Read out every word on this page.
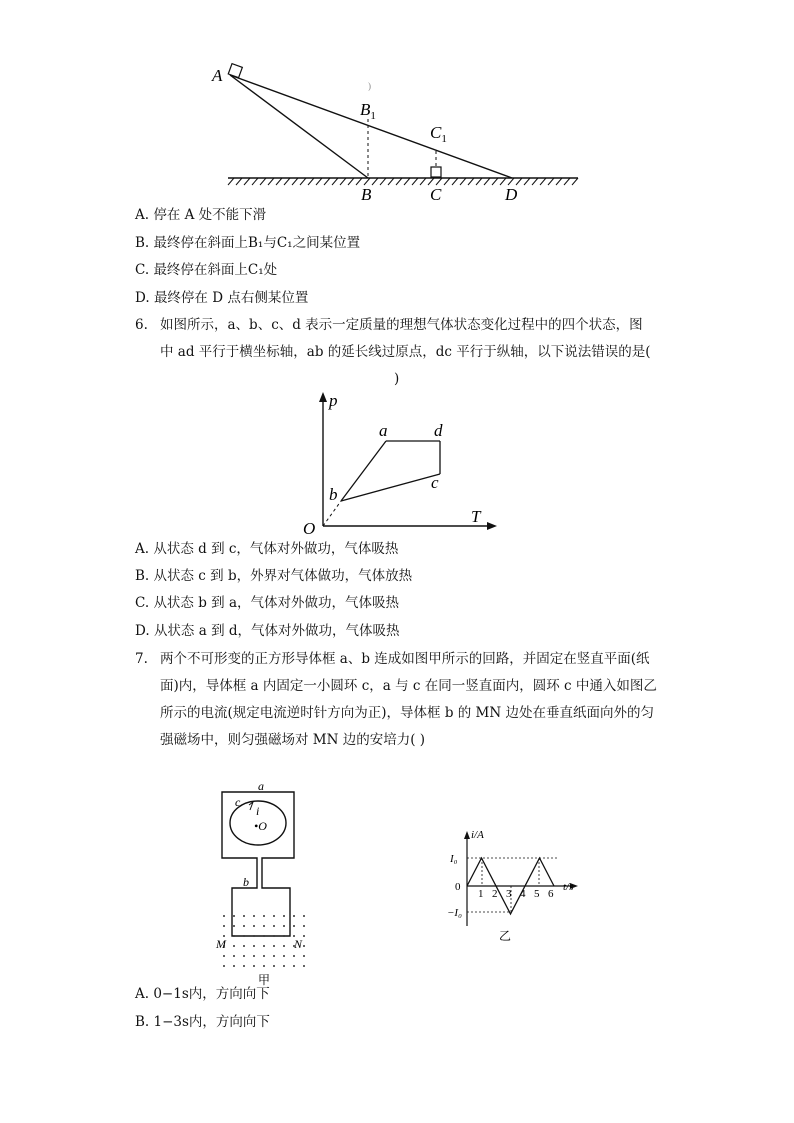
)
A
$B_1$
$C_1$
B	C	D
A. 停在 A 处不能下滑
B. 最终停在斜面上B₁与C₁之间某位置
C. 最终停在斜面上C₁处
D. 最终停在 D 点右侧某位置
6. 如图所示，a、b、c、d 表示一定质量的理想气体状态变化过程中的四个状态，图
中 ad 平行于横坐标轴，ab 的延长线过原点，dc 平行于纵轴，以下说法错误的是(
)
p
T
O
a
b
c
d
A. 从状态 d 到 c，气体对外做功，气体吸热
B. 从状态 c 到 b，外界对气体做功，气体放热
C. 从状态 b 到 a，气体对外做功，气体吸热
D. 从状态 a 到 d，气体对外做功，气体吸热
7. 两个不可形变的正方形导体框 a、b 连成如图甲所示的回路，并固定在竖直平面(纸
面)内，导体框 a 内固定一小圆环 c，a 与 c 在同一竖直面内，圆环 c 中通入如图乙
所示的电流(规定电流逆时针方向为正)，导体框 b 的 MN 边处在垂直纸面向外的匀
强磁场中，则匀强磁场对 MN 边的安培力( )
a
c
i
•O
b
M	N
甲
i/A
t/s
I₀
−I₀
0
1 2 3 4 5 6
乙
A. 0−1s内，方向向下
B. 1−3s内，方向向下
